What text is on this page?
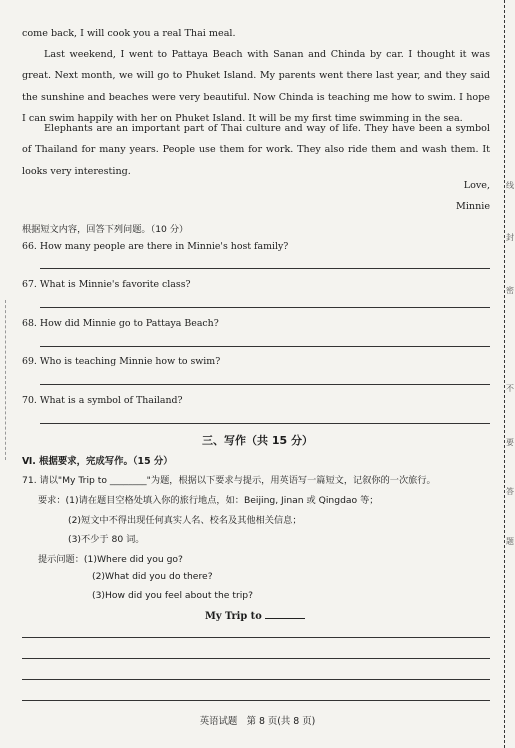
线
封
密
不
要
答
题
come back, I will cook you a real Thai meal.
Last weekend, I went to Pattaya Beach with Sanan and Chinda by car. I thought it was great. Next month, we will go to Phuket Island. My parents went there last year, and they said the sunshine and beaches were very beautiful. Now Chinda is teaching me how to swim. I hope I can swim happily with her on Phuket Island. It will be my first time swimming in the sea.
Elephants are an important part of Thai culture and way of life. They have been a symbol of Thailand for many years. People use them for work. They also ride them and wash them. It looks very interesting.
Love,
Minnie
根据短文内容，回答下列问题。（10 分）
66. How many people are there in Minnie's host family?
67. What is Minnie's favorite class?
68. How did Minnie go to Pattaya Beach?
69. Who is teaching Minnie how to swim?
70. What is a symbol of Thailand?
三、写作（共 15 分）
Ⅵ. 根据要求，完成写作。（15 分）
71. 请以"My Trip to ________"为题，根据以下要求与提示，用英语写一篇短文，记叙你的一次旅行。
要求：(1)请在题目空格处填入你的旅行地点，如：Beijing, Jinan 或 Qingdao 等；
(2)短文中不得出现任何真实人名、校名及其他相关信息；
(3)不少于 80 词。
提示问题：(1)Where did you go?
(2)What did you do there?
(3)How did you feel about the trip?
My Trip to
英语试题　第 8 页(共 8 页)
